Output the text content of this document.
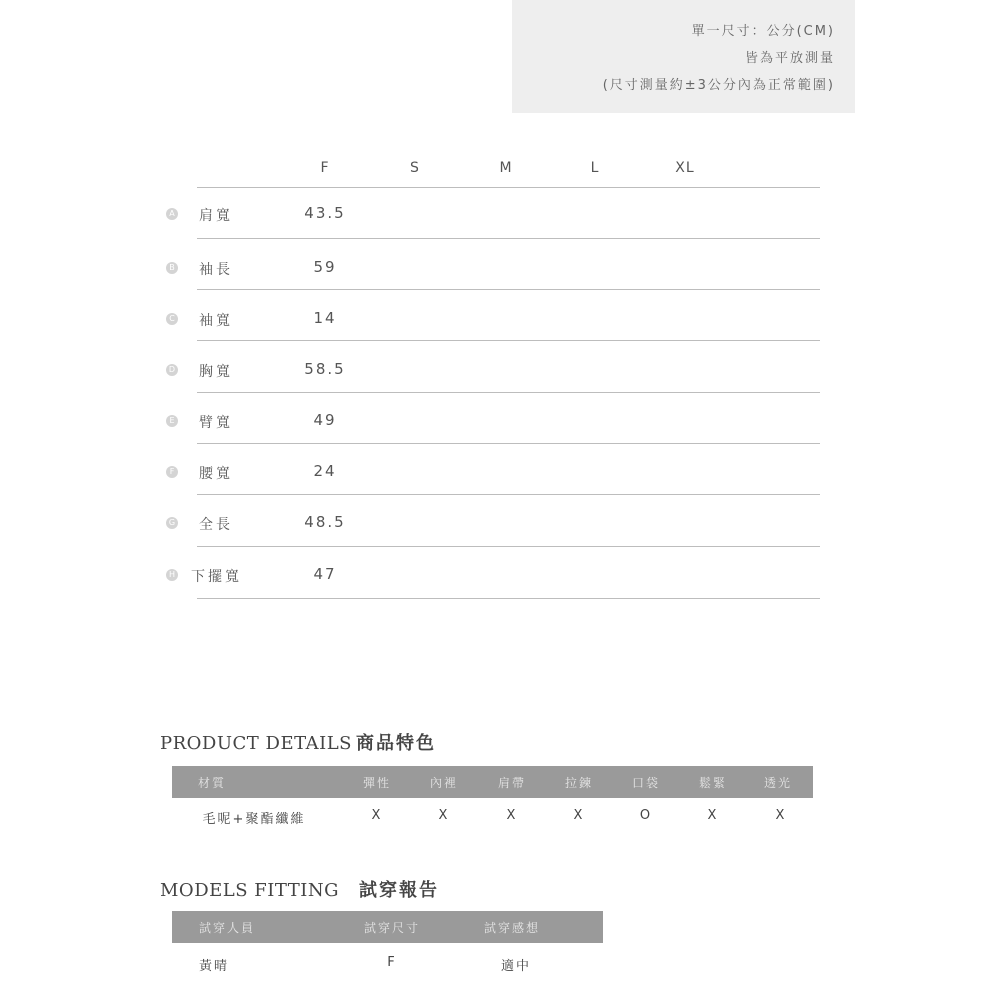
單一尺寸：公分(CM)
皆為平放測量
(尺寸測量約±3公分內為正常範圍)
F	S	M	L	XL
A 肩寬	43.5
B 袖長	59
C 袖寬	14
D 胸寬	58.5
E 臂寬	49
F 腰寬	24
G 全長	48.5
H 下擺寬	47
PRODUCT DETAILS 商品特色
材質	彈性	內裡	肩帶	拉鍊	口袋	鬆緊	透光
毛呢+聚酯纖維	X	X	X	X	O	X	X
MODELS FITTING 試穿報告
試穿人員	試穿尺寸	試穿感想
黃晴	F	適中
